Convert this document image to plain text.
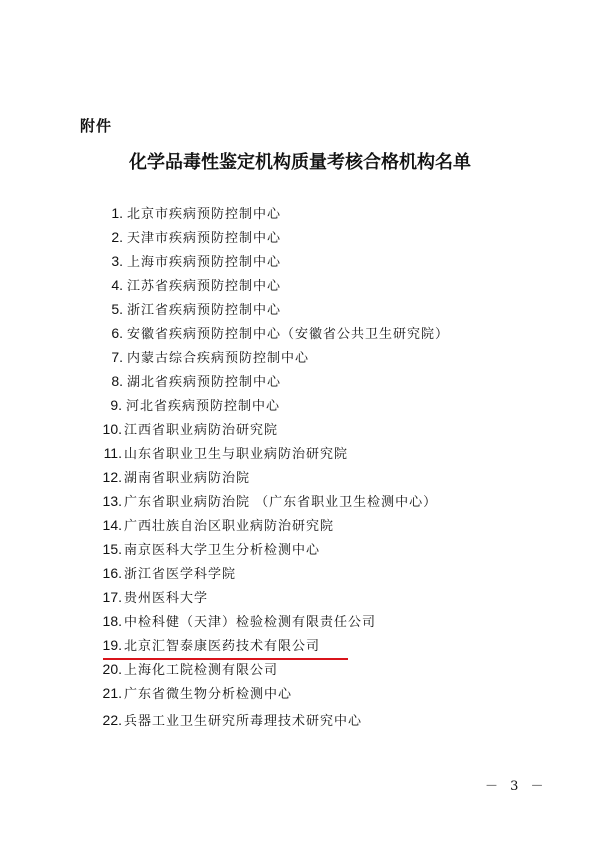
附件
化学品毒性鉴定机构质量考核合格机构名单
1. 北京市疾病预防控制中心
2. 天津市疾病预防控制中心
3. 上海市疾病预防控制中心
4. 江苏省疾病预防控制中心
5. 浙江省疾病预防控制中心
6. 安徽省疾病预防控制中心（安徽省公共卫生研究院）
7. 内蒙古综合疾病预防控制中心
8. 湖北省疾病预防控制中心
9. 河北省疾病预防控制中心
10. 江西省职业病防治研究院
11. 山东省职业卫生与职业病防治研究院
12. 湖南省职业病防治院
13. 广东省职业病防治院 （广东省职业卫生检测中心）
14. 广西壮族自治区职业病防治研究院
15. 南京医科大学卫生分析检测中心
16. 浙江省医学科学院
17. 贵州医科大学
18. 中检科健（天津）检验检测有限责任公司
19. 北京汇智泰康医药技术有限公司
20. 上海化工院检测有限公司
21. 广东省微生物分析检测中心
22. 兵器工业卫生研究所毒理技术研究中心
－ 3 －
